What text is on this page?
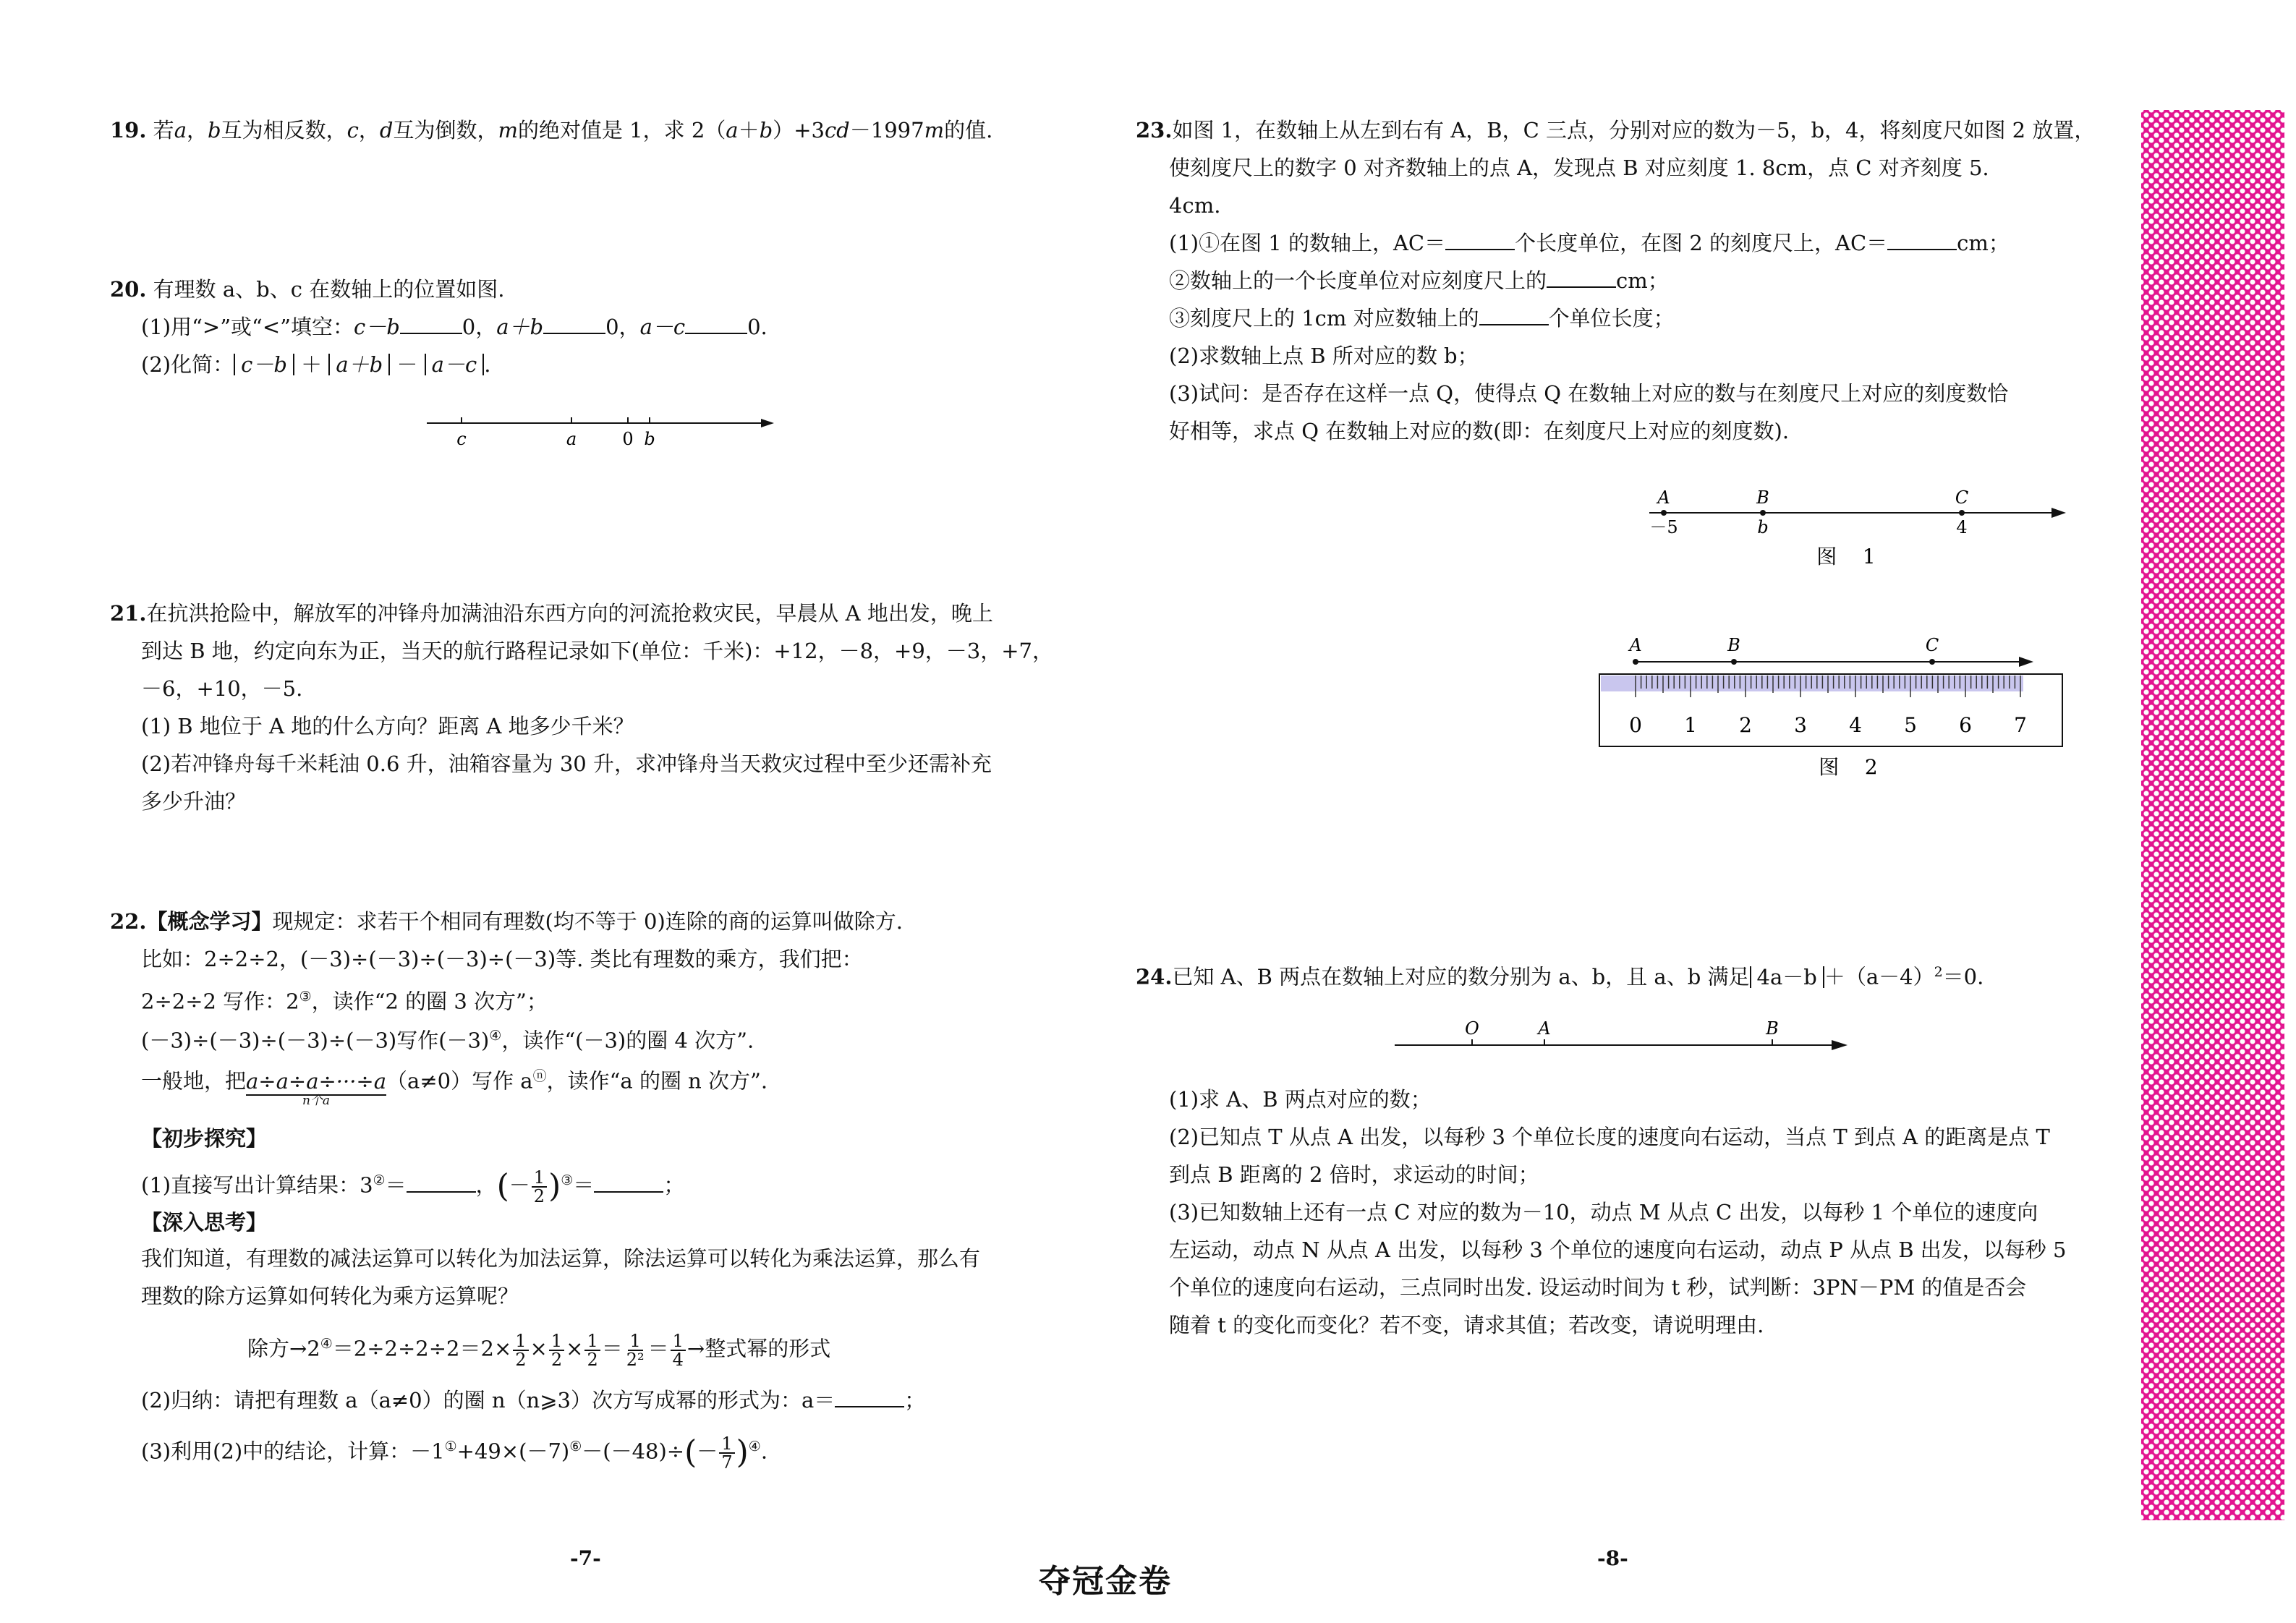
19. 若a，b互为相反数，c，d互为倒数，m的绝对值是 1，求 2（a＋b）+3cd－1997m的值.
20. 有理数 a、b、c 在数轴上的位置如图.
(1)用“>”或“<”填空：c－b	0，a＋b	0，a－c	0.
(2)化简： c－b ＋ a＋b － a－c .
c	a	0 b
21.在抗洪抢险中，解放军的冲锋舟加满油沿东西方向的河流抢救灾民，早晨从 A 地出发，晚上
到达 B 地，约定向东为正，当天的航行路程记录如下(单位：千米)：+12，－8，+9，－3，+7，
－6，+10，－5.
(1) B 地位于 A 地的什么方向？距离 A 地多少千米？
(2)若冲锋舟每千米耗油 0.6 升，油箱容量为 30 升，求冲锋舟当天救灾过程中至少还需补充
多少升油？
22.【概念学习】现规定：求若干个相同有理数(均不等于 0)连除的商的运算叫做除方.
比如：2÷2÷2，(－3)÷(－3)÷(－3)÷(－3)等. 类比有理数的乘方，我们把：
2÷2÷2 写作：2③，读作“2 的圈 3 次方”；
(－3)÷(－3)÷(－3)÷(－3)写作(－3)④，读作“(－3)的圈 4 次方”.
一般地，把a÷a÷a÷···÷a
n个a
（a≠0）写作 aⓝ，读作“a 的圈 n 次方”.
【初步探究】
(1)直接写出计算结果：3②＝	，(－ $\frac{1}{2} )^③=$	；
【深入思考】
我们知道，有理数的减法运算可以转化为加法运算，除法运算可以转化为乘法运算，那么有
理数的除方运算如何转化为乘方运算呢？
除方$\to 2^④=2\div 2\div 2\div 2=2\times \frac{1}{2} \times \frac{1}{2} \times \frac{1}{2} = \frac{1}{\text{2²}} = \frac{1}{4}$ →整式幂的形式
(2)归纳：请把有理数 a（a≠0）的圈 n（n⩾3）次方写成幂的形式为：a＝	；
(3)利用(2)中的结论，计算：$-1^①+49\times(-7)^⑥-(-48)\div(- \frac{1}{7} )^④$.
23.如图 1，在数轴上从左到右有 A，B，C 三点，分别对应的数为－5，b，4，将刻度尺如图 2 放置，
使刻度尺上的数字 0 对齐数轴上的点 A，发现点 B 对应刻度 1. 8cm，点 C 对齐刻度 5.
4cm.
(1)①在图 1 的数轴上，AC＝	个长度单位，在图 2 的刻度尺上，AC＝	cm；
②数轴上的一个长度单位对应刻度尺上的	cm；
③刻度尺上的 1cm 对应数轴上的	个单位长度；
(2)求数轴上点 B 所对应的数 b；
(3)试问：是否存在这样一点 Q，使得点 Q 在数轴上对应的数与在刻度尺上对应的刻度数恰
好相等，求点 Q 在数轴上对应的数(即：在刻度尺上对应的刻度数).
A	B	C
－5	b	4
图    1
A	B	C
0 1 2 3 4 5 6 7
图    2
24.已知 A、B 两点在数轴上对应的数分别为 a、b，且 a、b 满足 $4a-b +(a-4)^2=0$.
O	A	B
(1)求 A、B 两点对应的数；
(2)已知点 T 从点 A 出发，以每秒 3 个单位长度的速度向右运动，当点 T 到点 A 的距离是点 T
到点 B 距离的 2 倍时，求运动的时间；
(3)已知数轴上还有一点 C 对应的数为－10，动点 M 从点 C 出发，以每秒 1 个单位的速度向
左运动，动点 N 从点 A 出发，以每秒 3 个单位的速度向右运动，动点 P 从点 B 出发，以每秒 5
个单位的速度向右运动，三点同时出发. 设运动时间为 t 秒，试判断：3PN－PM 的值是否会
随着 t 的变化而变化？若不变，请求其值；若改变，请说明理由.
-7-	-8-
夺冠金卷
